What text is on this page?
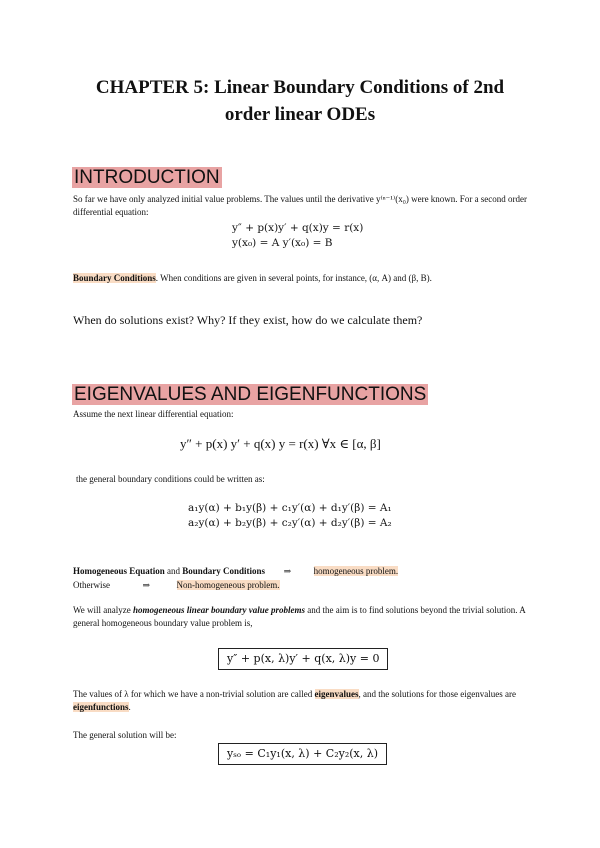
CHAPTER 5: Linear Boundary Conditions of 2nd
order linear ODEs
INTRODUCTION
So far we have only analyzed initial value problems. The values until the derivative y⁽ⁿ⁻¹⁾(x₀) were known. For a second order differential equation:
y″ + p(x)y′ + q(x)y = r(x)
y(x₀) = A y′(x₀) = B
Boundary Conditions. When conditions are given in several points, for instance, (α, A) and (β, B).
When do solutions exist? Why? If they exist, how do we calculate them?
EIGENVALUES AND EIGENFUNCTIONS
Assume the next linear differential equation:
y″ + p(x) y′ + q(x) y = r(x) ∀x ∈ [α, β]
the general boundary conditions could be written as:
a₁y(α) + b₁y(β) + c₁y′(α) + d₁y′(β) = A₁
a₂y(α) + b₂y(β) + c₂y′(α) + d₂y′(β) = A₂
Homogeneous Equation and Boundary Conditions ⇒	homogeneous problem.
Otherwise	⇒	Non-homogeneous problem.
We will analyze homogeneous linear boundary value problems and the aim is to find solutions beyond the trivial solution. A general homogeneous boundary value problem is,
y″ + p(x, λ)y′ + q(x, λ)y = 0
The values of λ for which we have a non-trivial solution are called eigenvalues, and the solutions for those eigenvalues are eigenfunctions.
The general solution will be:
yₛₒ = C₁y₁(x, λ) + C₂y₂(x, λ)
